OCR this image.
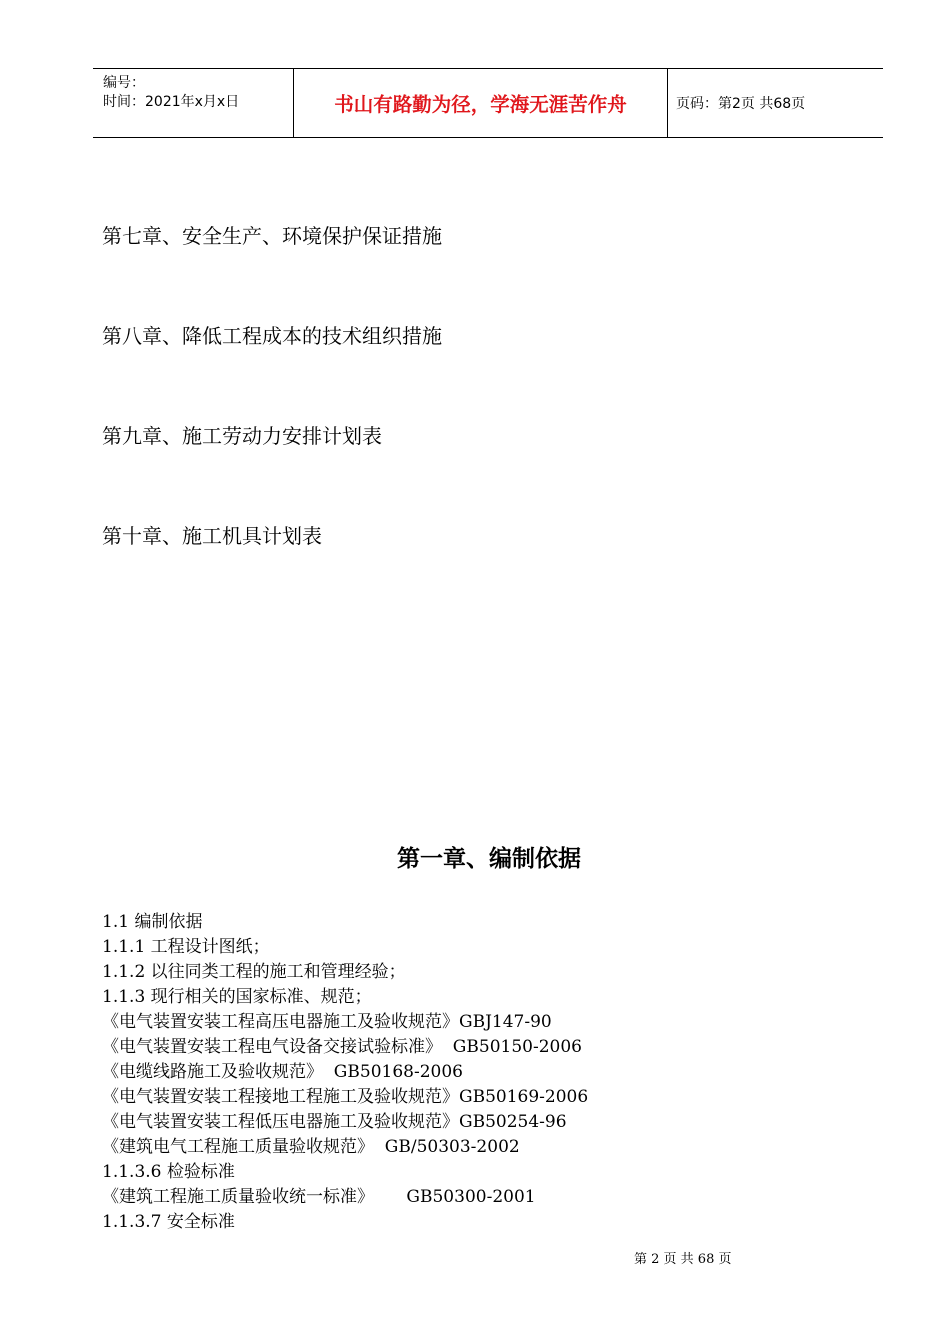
编号：
时间：2021年x月x日	书山有路勤为径，学海无涯苦作舟	页码：第2页 共68页
第七章、安全生产、环境保护保证措施
第八章、降低工程成本的技术组织措施
第九章、施工劳动力安排计划表
第十章、施工机具计划表
第一章、编制依据
1.1 编制依据
1.1.1 工程设计图纸；
1.1.2 以往同类工程的施工和管理经验；
1.1.3 现行相关的国家标准、规范；
《电气装置安装工程高压电器施工及验收规范》GBJ147-90
《电气装置安装工程电气设备交接试验标准》  GB50150-2006
《电缆线路施工及验收规范》  GB50168-2006
《电气装置安装工程接地工程施工及验收规范》GB50169-2006
《电气装置安装工程低压电器施工及验收规范》GB50254-96
《建筑电气工程施工质量验收规范》  GB/50303-2002
1.1.3.6 检验标准
《建筑工程施工质量验收统一标准》      GB50300-2001
1.1.3.7 安全标准
第 2 页 共 68 页
